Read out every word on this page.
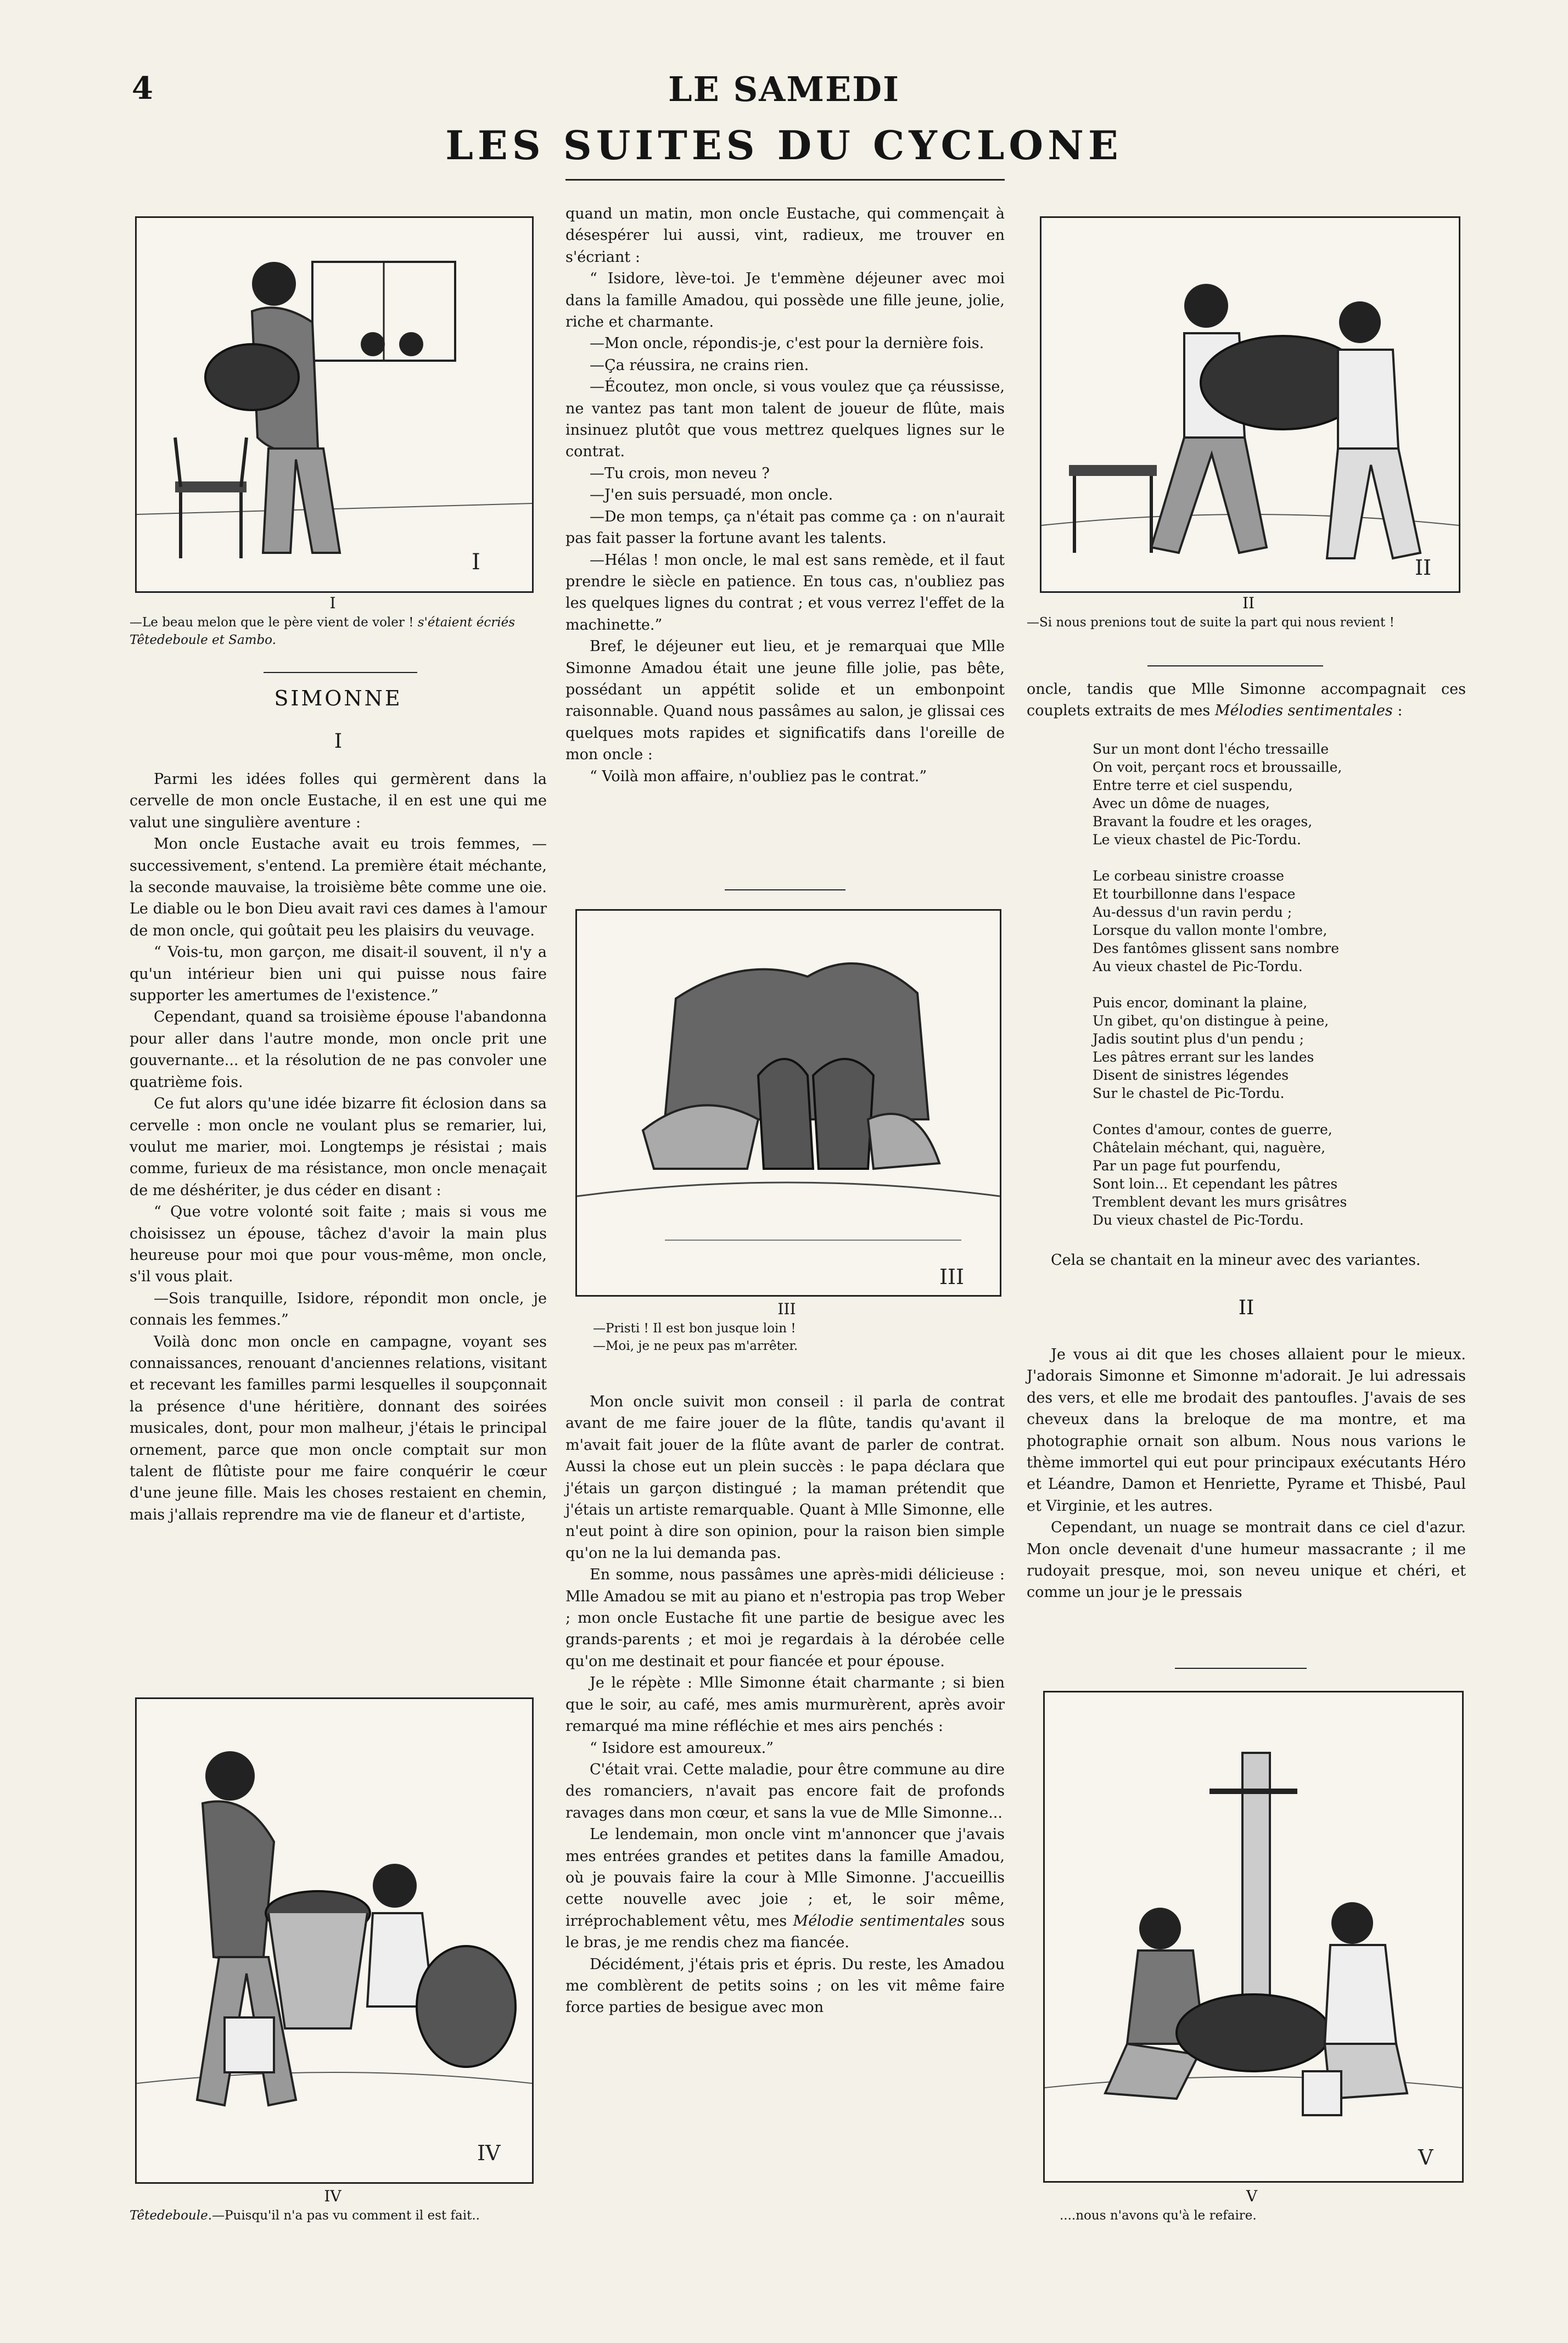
4	LE SAMEDI
LES SUITES DU CYCLONE
I
I
—Le beau melon que le père vient de voler ! s'étaient écriés Têtedeboule et Sambo.
SIMONNE
I

Parmi les idées folles qui germèrent dans la cervelle de mon oncle Eustache, il en est une qui me valut une singulière aventure :

Mon oncle Eustache avait eu trois femmes, — successivement, s'entend. La première était méchante, la seconde mauvaise, la troisième bête comme une oie. Le diable ou le bon Dieu avait ravi ces dames à l'amour de mon oncle, qui goûtait peu les plaisirs du veuvage.

“ Vois-tu, mon garçon, me disait-il souvent, il n'y a qu'un intérieur bien uni qui puisse nous faire supporter les amertumes de l'existence.”

Cependant, quand sa troisième épouse l'abandonna pour aller dans l'autre monde, mon oncle prit une gouvernante... et la résolution de ne pas convoler une quatrième fois.

Ce fut alors qu'une idée bizarre fit éclosion dans sa cervelle : mon oncle ne voulant plus se remarier, lui, voulut me marier, moi. Longtemps je résistai ; mais comme, furieux de ma résistance, mon oncle menaçait de me déshériter, je dus céder en disant :

“ Que votre volonté soit faite ; mais si vous me choisissez un épouse, tâchez d'avoir la main plus heureuse pour moi que pour vous-même, mon oncle, s'il vous plait.

—Sois tranquille, Isidore, répondit mon oncle, je connais les femmes.”

Voilà donc mon oncle en campagne, voyant ses connaissances, renouant d'anciennes relations, visitant et recevant les familles parmi lesquelles il soupçonnait la présence d'une héritière, donnant des soirées musicales, dont, pour mon malheur, j'étais le principal ornement, parce que mon oncle comptait sur mon talent de flûtiste pour me faire conquérir le cœur d'une jeune fille. Mais les choses restaient en chemin, mais j'allais reprendre ma vie de flaneur et d'artiste,

IV
IV
Têtedeboule.—Puisqu'il n'a pas vu comment il est fait..

quand un matin, mon oncle Eustache, qui commençait à désespérer lui aussi, vint, radieux, me trouver en s'écriant :

“ Isidore, lève-toi. Je t'emmène déjeuner avec moi dans la famille Amadou, qui possède une fille jeune, jolie, riche et charmante.

—Mon oncle, répondis-je, c'est pour la dernière fois.

—Ça réussira, ne crains rien.

—Écoutez, mon oncle, si vous voulez que ça réussisse, ne vantez pas tant mon talent de joueur de flûte, mais insinuez plutôt que vous mettrez quelques lignes sur le contrat.

—Tu crois, mon neveu ?

—J'en suis persuadé, mon oncle.

—De mon temps, ça n'était pas comme ça : on n'aurait pas fait passer la fortune avant les talents.

—Hélas ! mon oncle, le mal est sans remède, et il faut prendre le siècle en patience. En tous cas, n'oubliez pas les quelques lignes du contrat ; et vous verrez l'effet de la machinette.”

Bref, le déjeuner eut lieu, et je remarquai que Mlle Simonne Amadou était une jeune fille jolie, pas bête, possédant un appétit solide et un embonpoint raisonnable. Quand nous passâmes au salon, je glissai ces quelques mots rapides et significatifs dans l'oreille de mon oncle :

“ Voilà mon affaire, n'oubliez pas le contrat.”

III
III
—Pristi ! Il est bon jusque loin !
—Moi, je ne peux pas m'arrêter.

Mon oncle suivit mon conseil : il parla de contrat avant de me faire jouer de la flûte, tandis qu'avant il m'avait fait jouer de la flûte avant de parler de contrat. Aussi la chose eut un plein succès : le papa déclara que j'étais un garçon distingué ; la maman prétendit que j'étais un artiste remarquable. Quant à Mlle Simonne, elle n'eut point à dire son opinion, pour la raison bien simple qu'on ne la lui demanda pas.

En somme, nous passâmes une après-midi délicieuse : Mlle Amadou se mit au piano et n'estropia pas trop Weber ; mon oncle Eustache fit une partie de besigue avec les grands-parents ; et moi je regardais à la dérobée celle qu'on me destinait et pour fiancée et pour épouse.

Je le répète : Mlle Simonne était charmante ; si bien que le soir, au café, mes amis murmurèrent, après avoir remarqué ma mine réfléchie et mes airs penchés :

“ Isidore est amoureux.”

C'était vrai. Cette maladie, pour être commune au dire des romanciers, n'avait pas encore fait de profonds ravages dans mon cœur, et sans la vue de Mlle Simonne...

Le lendemain, mon oncle vint m'annoncer que j'avais mes entrées grandes et petites dans la famille Amadou, où je pouvais faire la cour à Mlle Simonne. J'accueillis cette nouvelle avec joie ; et, le soir même, irréprochablement vêtu, mes Mélodie sentimentales sous le bras, je me rendis chez ma fiancée.

Décidément, j'étais pris et épris. Du reste, les Amadou me comblèrent de petits soins ; on les vit même faire force parties de besigue avec mon

II
II
—Si nous prenions tout de suite la part qui nous revient !

oncle, tandis que Mlle Simonne accompagnait ces couplets extraits de mes Mélodies sentimentales :

Sur un mont dont l'écho tressaille
On voit, perçant rocs et broussaille,
Entre terre et ciel suspendu,
Avec un dôme de nuages,
Bravant la foudre et les orages,
Le vieux chastel de Pic-Tordu.
Le corbeau sinistre croasse
Et tourbillonne dans l'espace
Au-dessus d'un ravin perdu ;
Lorsque du vallon monte l'ombre,
Des fantômes glissent sans nombre
Au vieux chastel de Pic-Tordu.
Puis encor, dominant la plaine,
Un gibet, qu'on distingue à peine,
Jadis soutint plus d'un pendu ;
Les pâtres errant sur les landes
Disent de sinistres légendes
Sur le chastel de Pic-Tordu.
Contes d'amour, contes de guerre,
Châtelain méchant, qui, naguère,
Par un page fut pourfendu,
Sont loin... Et cependant les pâtres
Tremblent devant les murs grisâtres
Du vieux chastel de Pic-Tordu.

Cela se chantait en la mineur avec des variantes.

II

Je vous ai dit que les choses allaient pour le mieux. J'adorais Simonne et Simonne m'adorait. Je lui adressais des vers, et elle me brodait des pantoufles. J'avais de ses cheveux dans la breloque de ma montre, et ma photographie ornait son album. Nous nous varions le thème immortel qui eut pour principaux exécutants Héro et Léandre, Damon et Henriette, Pyrame et Thisbé, Paul et Virginie, et les autres.

Cependant, un nuage se montrait dans ce ciel d'azur. Mon oncle devenait d'une humeur massacrante ; il me rudoyait presque, moi, son neveu unique et chéri, et comme un jour je le pressais

V
V
....nous n'avons qu'à le refaire.
